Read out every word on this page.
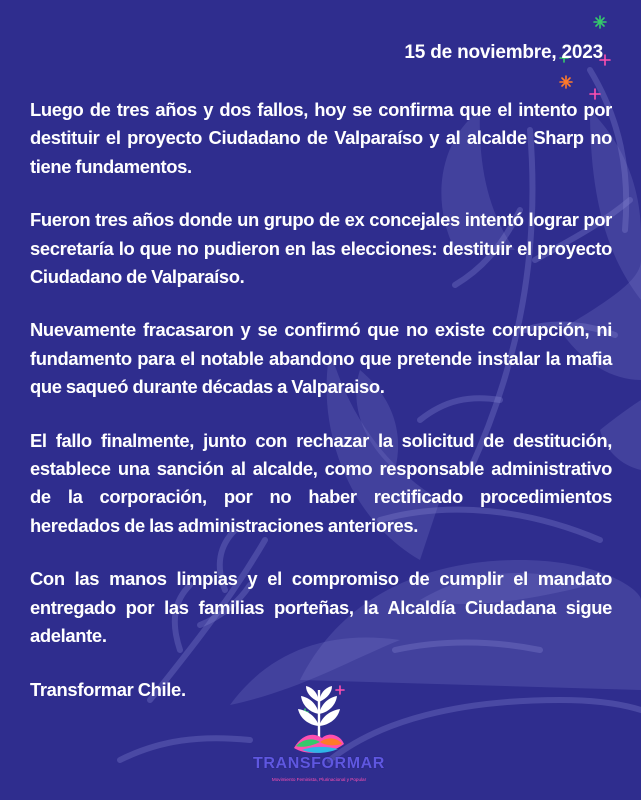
15 de noviembre, 2023

Luego de tres años y dos fallos, hoy se confirma que el intento por destituir el proyecto Ciudadano de Valparaíso y al alcalde Sharp no tiene fundamentos.

Fueron tres años donde un grupo de ex concejales intentó lograr por secretaría lo que no pudieron en las elecciones: destituir el proyecto Ciudadano de Valparaíso.

Nuevamente fracasaron y se confirmó que no existe corrupción, ni fundamento para el notable abandono que pretende instalar la mafia que saqueó durante décadas a Valparaiso.

El fallo finalmente, junto con rechazar la solicitud de destitución, establece una sanción al alcalde, como responsable administrativo de la corporación, por no haber rectificado procedimientos heredados de las administraciones anteriores.

Con las manos limpias y el compromiso de cumplir el mandato entregado por las familias porteñas, la Alcaldía Ciudadana sigue adelante.

Transformar Chile.

TRANSFORMAR
Movimiento Feminista, Plurinacional y Popular
